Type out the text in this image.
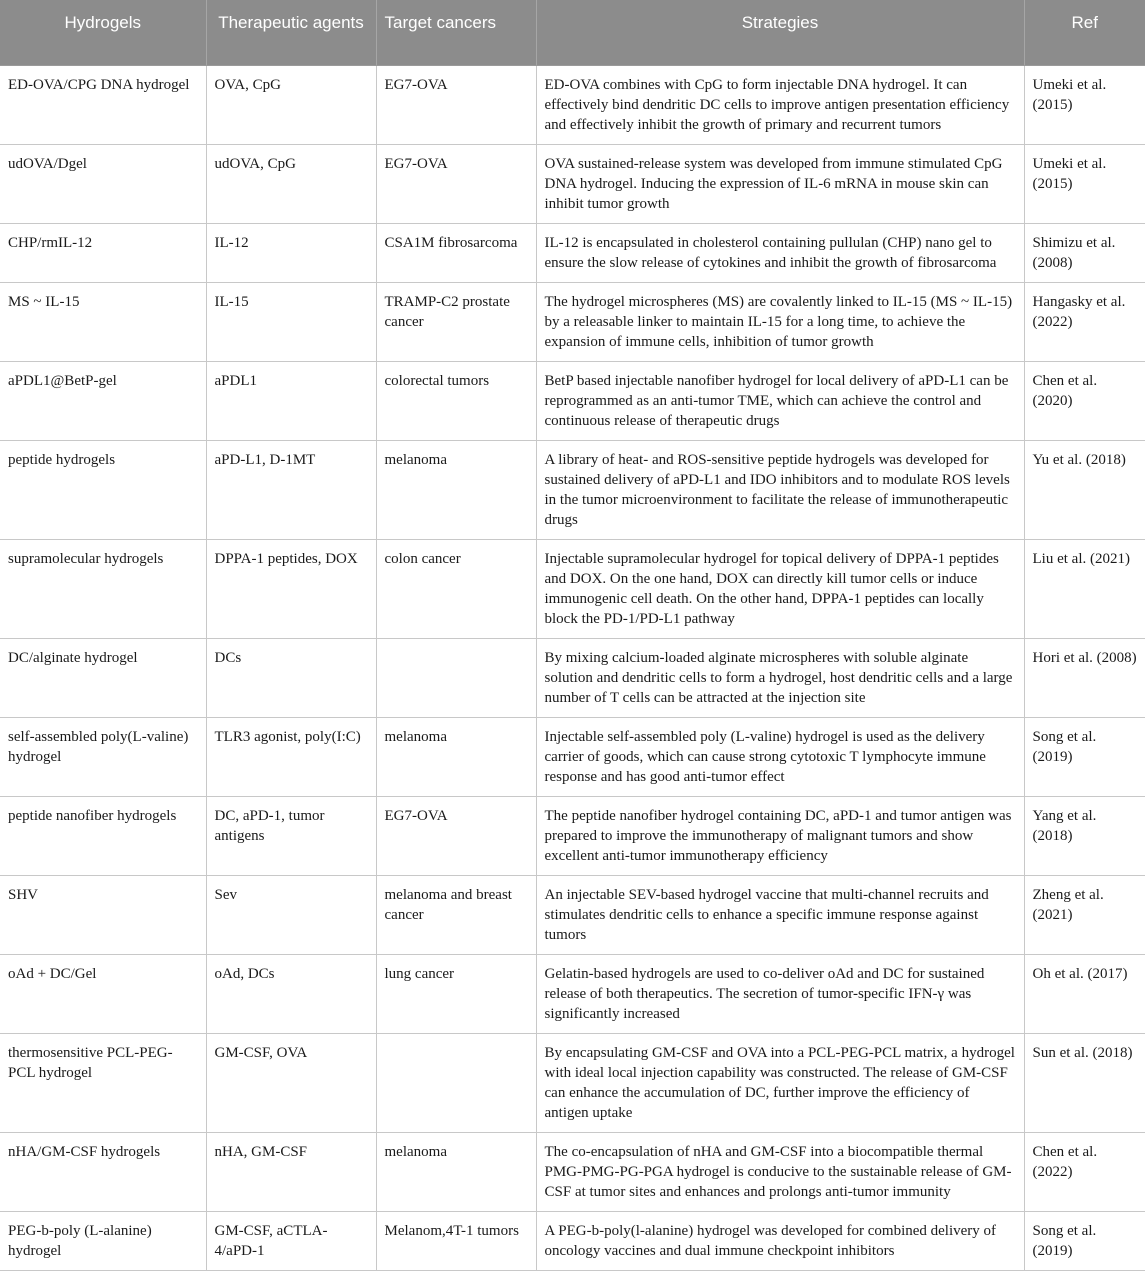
Hydrogels	Therapeutic agents	Target cancers	Strategies	Ref
ED-OVA/CPG DNA hydrogel	OVA, CpG	EG7-OVA	ED-OVA combines with CpG to form injectable DNA hydrogel. It can effectively bind dendritic DC cells to improve antigen presentation efficiency and effectively inhibit the growth of primary and recurrent tumors	Umeki et al. (2015)
udOVA/Dgel	udOVA, CpG	EG7-OVA	OVA sustained-release system was developed from immune stimulated CpG DNA hydrogel. Inducing the expression of IL-6 mRNA in mouse skin can inhibit tumor growth	Umeki et al. (2015)
CHP/rmIL-12	IL-12	CSA1M fibrosarcoma	IL-12 is encapsulated in cholesterol containing pullulan (CHP) nano gel to ensure the slow release of cytokines and inhibit the growth of fibrosarcoma	Shimizu et al. (2008)
MS ~ IL-15	IL-15	TRAMP-C2 prostate cancer	The hydrogel microspheres (MS) are covalently linked to IL-15 (MS ~ IL-15) by a releasable linker to maintain IL-15 for a long time, to achieve the expansion of immune cells, inhibition of tumor growth	Hangasky et al. (2022)
aPDL1@BetP-gel	aPDL1	colorectal tumors	BetP based injectable nanofiber hydrogel for local delivery of aPD-L1 can be reprogrammed as an anti-tumor TME, which can achieve the control and continuous release of therapeutic drugs	Chen et al. (2020)
peptide hydrogels	aPD-L1, D-1MT	melanoma	A library of heat- and ROS-sensitive peptide hydrogels was developed for sustained delivery of aPD-L1 and IDO inhibitors and to modulate ROS levels in the tumor microenvironment to facilitate the release of immunotherapeutic drugs	Yu et al. (2018)
supramolecular hydrogels	DPPA-1 peptides, DOX	colon cancer	Injectable supramolecular hydrogel for topical delivery of DPPA-1 peptides and DOX. On the one hand, DOX can directly kill tumor cells or induce immunogenic cell death. On the other hand, DPPA-1 peptides can locally block the PD-1/PD-L1 pathway	Liu et al. (2021)
DC/alginate hydrogel	DCs		By mixing calcium-loaded alginate microspheres with soluble alginate solution and dendritic cells to form a hydrogel, host dendritic cells and a large number of T cells can be attracted at the injection site	Hori et al. (2008)
self-assembled poly(L-valine) hydrogel	TLR3 agonist, poly(I:C)	melanoma	Injectable self-assembled poly (L-valine) hydrogel is used as the delivery carrier of goods, which can cause strong cytotoxic T lymphocyte immune response and has good anti-tumor effect	Song et al. (2019)
peptide nanofiber hydrogels	DC, aPD-1, tumor antigens	EG7-OVA	The peptide nanofiber hydrogel containing DC, aPD-1 and tumor antigen was prepared to improve the immunotherapy of malignant tumors and show excellent anti-tumor immunotherapy efficiency	Yang et al. (2018)
SHV	Sev	melanoma and breast cancer	An injectable SEV-based hydrogel vaccine that multi-channel recruits and stimulates dendritic cells to enhance a specific immune response against tumors	Zheng et al. (2021)
oAd + DC/Gel	oAd, DCs	lung cancer	Gelatin-based hydrogels are used to co-deliver oAd and DC for sustained release of both therapeutics. The secretion of tumor-specific IFN-γ was significantly increased	Oh et al. (2017)
thermosensitive PCL-PEG-PCL hydrogel	GM-CSF, OVA		By encapsulating GM-CSF and OVA into a PCL-PEG-PCL matrix, a hydrogel with ideal local injection capability was constructed. The release of GM-CSF can enhance the accumulation of DC, further improve the efficiency of antigen uptake	Sun et al. (2018)
nHA/GM-CSF hydrogels	nHA, GM-CSF	melanoma	The co-encapsulation of nHA and GM-CSF into a biocompatible thermal PMG-PMG-PG-PGA hydrogel is conducive to the sustainable release of GM-CSF at tumor sites and enhances and prolongs anti-tumor immunity	Chen et al. (2022)
PEG-b-poly (L-alanine) hydrogel	GM-CSF, aCTLA-4/aPD-1	Melanom,4T-1 tumors	A PEG-b-poly(l-alanine) hydrogel was developed for combined delivery of oncology vaccines and dual immune checkpoint inhibitors	Song et al. (2019)
